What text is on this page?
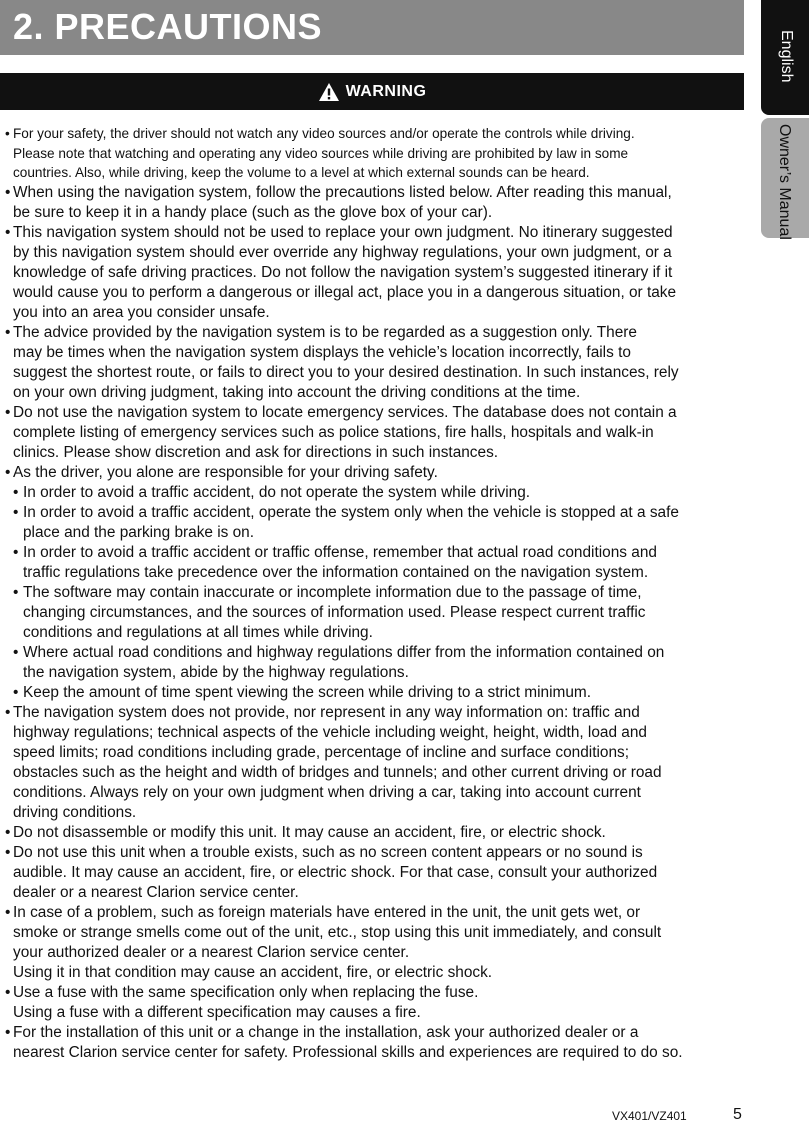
2. PRECAUTIONS
English
Owner’s Manual
WARNING
• For your safety, the driver should not watch any video sources and/or operate the controls while driving.
Please note that watching and operating any video sources while driving are prohibited by law in some
countries. Also, while driving, keep the volume to a level at which external sounds can be heard.
• When using the navigation system, follow the precautions listed below. After reading this manual,
be sure to keep it in a handy place (such as the glove box of your car).
• This navigation system should not be used to replace your own judgment. No itinerary suggested
by this navigation system should ever override any highway regulations, your own judgment, or a
knowledge of safe driving practices. Do not follow the navigation system’s suggested itinerary if it
would cause you to perform a dangerous or illegal act, place you in a dangerous situation, or take
you into an area you consider unsafe.
• The advice provided by the navigation system is to be regarded as a suggestion only. There
may be times when the navigation system displays the vehicle’s location incorrectly, fails to
suggest the shortest route, or fails to direct you to your desired destination. In such instances, rely
on your own driving judgment, taking into account the driving conditions at the time.
• Do not use the navigation system to locate emergency services. The database does not contain a
complete listing of emergency services such as police stations, fire halls, hospitals and walk-in
clinics. Please show discretion and ask for directions in such instances.
• As the driver, you alone are responsible for your driving safety.
• In order to avoid a traffic accident, do not operate the system while driving.
• In order to avoid a traffic accident, operate the system only when the vehicle is stopped at a safe
place and the parking brake is on.
• In order to avoid a traffic accident or traffic offense, remember that actual road conditions and
traffic regulations take precedence over the information contained on the navigation system.
• The software may contain inaccurate or incomplete information due to the passage of time,
changing circumstances, and the sources of information used. Please respect current traffic
conditions and regulations at all times while driving.
• Where actual road conditions and highway regulations differ from the information contained on
the navigation system, abide by the highway regulations.
• Keep the amount of time spent viewing the screen while driving to a strict minimum.
• The navigation system does not provide, nor represent in any way information on: traffic and
highway regulations; technical aspects of the vehicle including weight, height, width, load and
speed limits; road conditions including grade, percentage of incline and surface conditions;
obstacles such as the height and width of bridges and tunnels; and other current driving or road
conditions. Always rely on your own judgment when driving a car, taking into account current
driving conditions.
• Do not disassemble or modify this unit. It may cause an accident, fire, or electric shock.
• Do not use this unit when a trouble exists, such as no screen content appears or no sound is
audible. It may cause an accident, fire, or electric shock. For that case, consult your authorized
dealer or a nearest Clarion service center.
• In case of a problem, such as foreign materials have entered in the unit, the unit gets wet, or
smoke or strange smells come out of the unit, etc., stop using this unit immediately, and consult
your authorized dealer or a nearest Clarion service center.
Using it in that condition may cause an accident, fire, or electric shock.
• Use a fuse with the same specification only when replacing the fuse.
Using a fuse with a different specification may causes a fire.
• For the installation of this unit or a change in the installation, ask your authorized dealer or a
nearest Clarion service center for safety. Professional skills and experiences are required to do so.
VX401/VZ401	5
